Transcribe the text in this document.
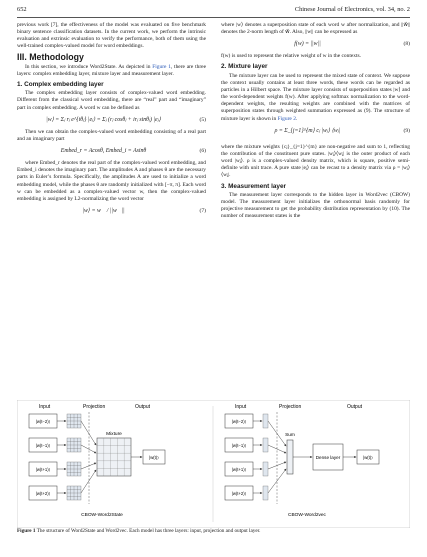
652	Chinese Journal of Electronics, vol. 34, no. 2

previous work [7], the effectiveness of the model was evaluated on five benchmark binary sentence classification datasets. In the current work, we perform the intrinsic evaluation and extrinsic evaluation to verify the performance, both of them using the well-trained complex-valued model for word embeddings.

III. Methodology

In this section, we introduce Word2State. As depicted in Figure 1, there are three layers: complex embedding layer, mixture layer and measurement layer.

1. Complex embedding layer

The complex embedding layer consists of complex-valued word embedding. Different from the classical word embedding, there are “real” part and “imaginary” part in complex embedding. A word w can be defined as

|w⟩ = Σⱼ rⱼ e^{iθⱼ} |eⱼ⟩ = Σⱼ (rⱼ cosθⱼ + irⱼ sinθⱼ) |eⱼ⟩	(5)

Then we can obtain the complex-valued word embedding consisting of a real part and an imaginary part

Embed_r = Acosθ, Embed_i = Asinθ	(6)

where Embed_r denotes the real part of the complex-valued word embedding, and Embed_i denotes the imaginary part. The amplitudes A and phases θ are the necessary parts in Euler’s formula. Specifically, the amplitudes A are used to initialize a word embedding model, while the phases θ are randomly initialized with [−π, π]. Each word w can be embedded as a complex-valued vector w, then the complex-valued embedding is assigned by L2-normalizing the word vector

|w⟩ = w⃗ / ||w⃗||	(7)

where |w⟩ denotes a superposition state of each word w after normalization, and ||w⃗|| denotes the 2-norm length of w⃗. Also, ||w|| can be expressed as

f(w) = ||w||	(8)

f(w) is used to represent the relative weight of w in the contexts.

2. Mixture layer

The mixture layer can be used to represent the mixed state of context. We suppose the context usually contains at least three words, these words can be regarded as particles in a Hilbert space. The mixture layer consists of superposition states |w⟩ and the word-dependent weights f(w). After applying softmax normalization to the word-dependent weights, the resulting weights are combined with the matrices of superposition states through weighted summation expressed as (9). The structure of mixture layer is shown in Figure 2.

ρ = Σ_{j=1}^{m} cⱼ |wⱼ⟩ ⟨wⱼ|	(9)

where the mixture weights {cⱼ}_{j=1}^{m} are non-negative and sum to 1, reflecting the contribution of the constituent pure states. |wⱼ⟩⟨wⱼ| is the outer product of each word |wⱼ⟩. ρ is a complex-valued density matrix, which is square, positive semi-definite with unit trace. A pure state |eⱼ⟩ can be recast to a density matrix via ρ = |wⱼ⟩⟨wⱼ|.

3. Measurement layer

The measurement layer corresponds to the hidden layer in Word2vec (CBOW) model. The measurement layer initializes the orthonormal basis randomly for projective measurement to get the probability distribution representation by (10). The number of measurement states is the

Input	Projection	Output
|w(t−2)⟩
|w(t−1)⟩
|w(t+1)⟩
|w(t+2)⟩
Mixture
|w(t)⟩
CBOW-Word2State
Input	Projection	Output
|w(t−2)⟩
|w(t−1)⟩
|w(t+1)⟩
|w(t+2)⟩
Sum
Dense layer	|w(t)⟩
CBOW-Word2vec
Figure 1 The structure of Word2State and Word2vec. Each model has three layers: input, projection and output layer.
